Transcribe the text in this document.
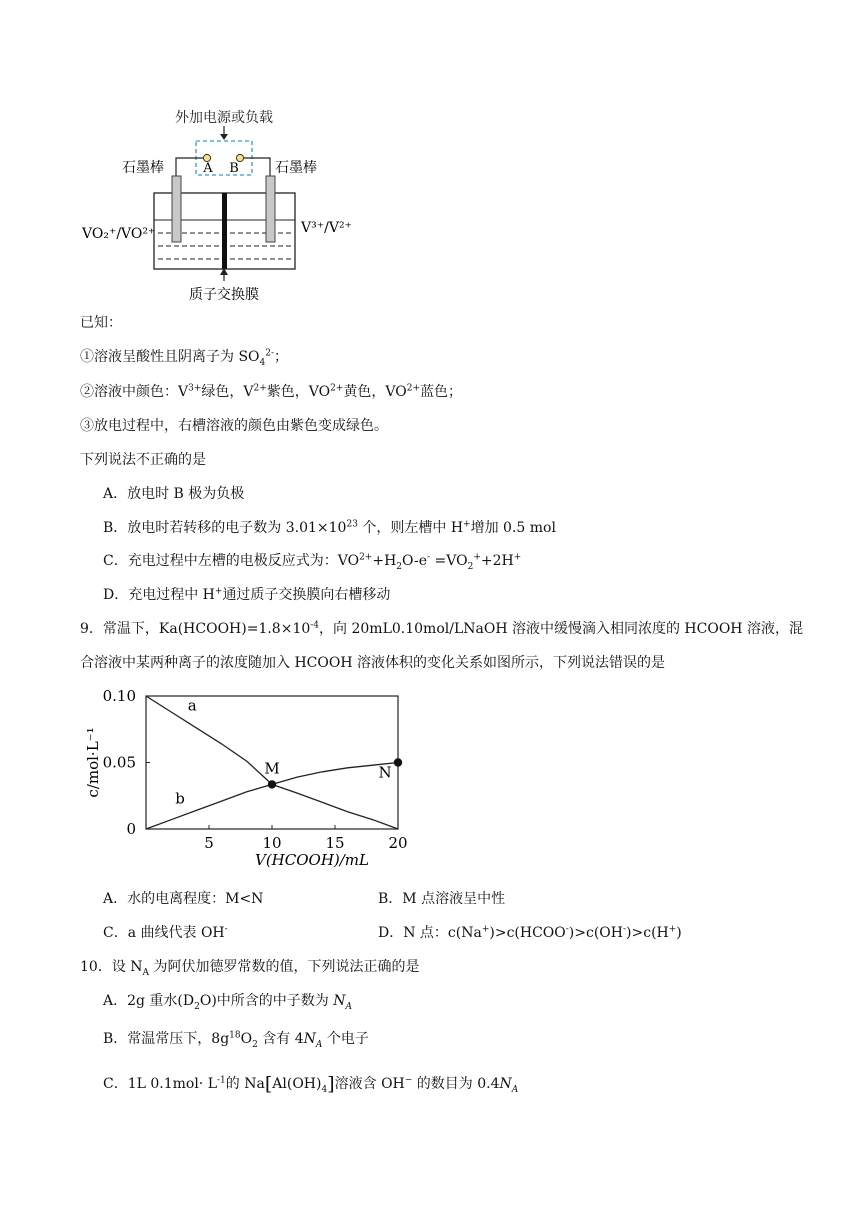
外加电源或负载
A B
石墨棒	石墨棒
VO₂⁺/VO²⁺	V³⁺/V²⁺
质子交换膜
已知：
①溶液呈酸性且阴离子为 $SO_4^{2-}$；
②溶液中颜色：$V^{3+}$绿色，$V^{2+}$紫色，$VO^{2+}$黄色，$VO^{2+}$蓝色；
③放电过程中，右槽溶液的颜色由紫色变成绿色。
下列说法不正确的是
A．放电时 B 极为负极
B．放电时若转移的电子数为 $3.01\times 10^{23}$ 个，则左槽中 H+增加 0.5 mol
C．充电过程中左槽的电极反应式为：$VO^{2+}+H_2O-e^- =VO_2^++2H^+$
D．充电过程中 H+通过质子交换膜向右槽移动
9．常温下，$Ka(HCOOH)=1.8\times 10^{-4}$，向 20mL0.10mol/LNaOH 溶液中缓慢滴入相同浓度的 HCOOH 溶液，混
合溶液中某两种离子的浓度随加入 HCOOH 溶液体积的变化关系如图所示，下列说法错误的是
5	10	15	20
0
0.05
0.10
V(HCOOH)/mL
c/mol·L⁻¹
a
b
M	N
A．水的电离程度：M<N	B．M 点溶液呈中性
C．a 曲线代表 OH-	D．N 点：c(Na+)>c(HCOO-)>c(OH-)>c(H+)
10．设 $N_A$ 为阿伏加德罗常数的值，下列说法正确的是
A．2g 重水$(D_2O)$中所含的中子数为 $N_A$
B．常温常压下，$8g^{18}O_2$ 含有 $4N_A$ 个电子
C．1L $0.1mol\cdot L^{-1}$的 $Na[Al(OH)_4]$溶液含 OH− 的数目为 $0.4N_A$
